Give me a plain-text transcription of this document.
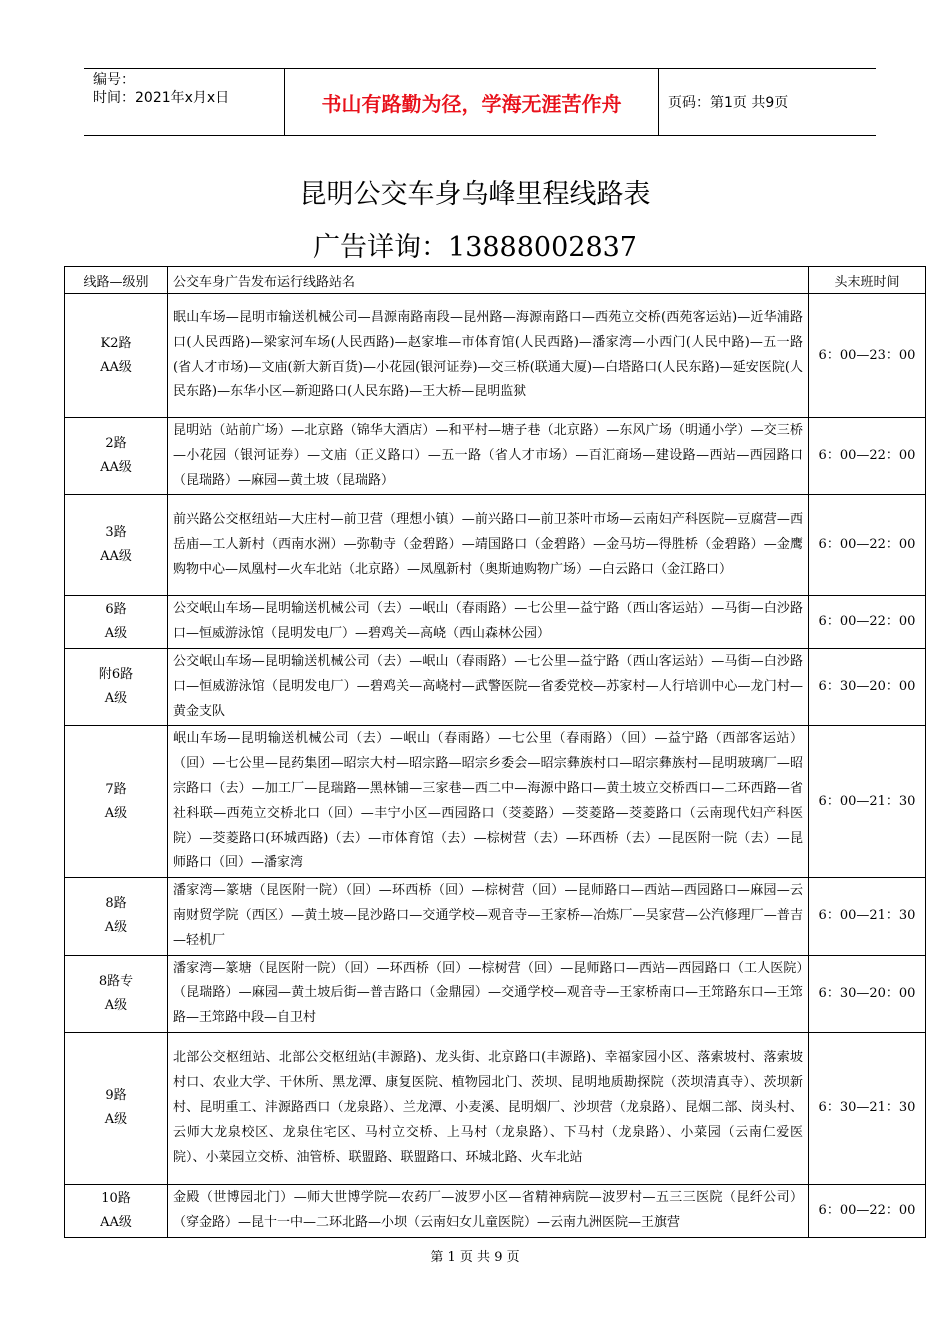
编号：
时间：2021年x月x日	书山有路勤为径，学海无涯苦作舟	页码：第1页 共9页
昆明公交车身乌峰里程线路表
广告详询：13888002837
线路—级别	公交车身广告发布运行线路站名	头末班时间

K2路
AA级	眠山车场—昆明市输送机械公司—昌源南路南段—昆州路—海源南路口—西苑立交桥(西苑客运站)—近华浦路口(人民西路)—梁家河车场(人民西路)—赵家堆—市体育馆(人民西路)—潘家湾—小西门(人民中路)—五一路(省人才市场)—文庙(新大新百货)—小花园(银河证券)—交三桥(联通大厦)—白塔路口(人民东路)—延安医院(人民东路)—东华小区—新迎路口(人民东路)—王大桥—昆明监狱	6：00—23：00

2路
AA级	昆明站（站前广场）—北京路（锦华大酒店）—和平村—塘子巷（北京路）—东风广场（明通小学）—交三桥—小花园（银河证券）—文庙（正义路口）—五一路（省人才市场）—百汇商场—建设路—西站—西园路口（昆瑞路）—麻园—黄土坡（昆瑞路）	6：00—22：00

3路
AA级	前兴路公交枢纽站—大庄村—前卫营（理想小镇）—前兴路口—前卫茶叶市场—云南妇产科医院—豆腐营—西岳庙—工人新村（西南水洲）—弥勒寺（金碧路）—靖国路口（金碧路）—金马坊—得胜桥（金碧路）—金鹰购物中心—凤凰村—火车北站（北京路）—凤凰新村（奥斯迪购物广场）—白云路口（金江路口）	6：00—22：00

6路
A级	公交岷山车场—昆明输送机械公司（去）—岷山（春雨路）—七公里—益宁路（西山客运站）—马街—白沙路口—恒威游泳馆（昆明发电厂）—碧鸡关—高峣（西山森林公园）	6：00—22：00

附6路
A级	公交岷山车场—昆明输送机械公司（去）—岷山（春雨路）—七公里—益宁路（西山客运站）—马街—白沙路口—恒威游泳馆（昆明发电厂）—碧鸡关—高峣村—武警医院—省委党校—苏家村—人行培训中心—龙门村—黄金支队	6：30—20：00

7路
A级	岷山车场—昆明输送机械公司（去）—岷山（春雨路）—七公里（春雨路）（回）—益宁路（西部客运站）（回）—七公里—昆药集团—昭宗大村—昭宗路—昭宗乡委会—昭宗彝族村口—昭宗彝族村—昆明玻璃厂—昭宗路口（去）—加工厂—昆瑞路—黑林铺—三家巷—西二中—海源中路口—黄土坡立交桥西口—二环西路—省社科联—西苑立交桥北口（回）—丰宁小区—西园路口（茭菱路）—茭菱路—茭菱路口（云南现代妇产科医院）—茭菱路口(环城西路)（去）—市体育馆（去）—棕树营（去）—环西桥（去）—昆医附一院（去）—昆师路口（回）—潘家湾	6：00—21：30

8路
A级	潘家湾—篆塘（昆医附一院）（回）—环西桥（回）—棕树营（回）—昆师路口—西站—西园路口—麻园—云南财贸学院（西区）—黄土坡—昆沙路口—交通学校—观音寺—王家桥—冶炼厂—吴家营—公汽修理厂—普吉—轻机厂	6：00—21：30

8路专
A级	潘家湾—篆塘（昆医附一院）（回）—环西桥（回）—棕树营（回）—昆师路口—西站—西园路口（工人医院）（昆瑞路）—麻园—黄土坡后街—普吉路口（金鼎园）—交通学校—观音寺—王家桥南口—王筇路东口—王筇路—王筇路中段—自卫村	6：30—20：00

9路
A级	北部公交枢纽站、北部公交枢纽站(丰源路)、龙头街、北京路口(丰源路)、幸福家园小区、落索坡村、落索坡村口、农业大学、干休所、黑龙潭、康复医院、植物园北门、茨坝、昆明地质勘探院（茨坝清真寺）、茨坝新村、昆明重工、沣源路西口（龙泉路）、兰龙潭、小麦溪、昆明烟厂、沙坝营（龙泉路）、昆烟二部、岗头村、云师大龙泉校区、龙泉住宅区、马村立交桥、上马村（龙泉路）、下马村（龙泉路）、小菜园（云南仁爱医院）、小菜园立交桥、油管桥、联盟路、联盟路口、环城北路、火车北站	6：30—21：30

10路
AA级	金殿（世博园北门）—师大世博学院—农药厂—波罗小区—省精神病院—波罗村—五三三医院（昆纤公司）（穿金路）—昆十一中—二环北路—小坝（云南妇女儿童医院）—云南九洲医院—王旗营	6：00—22：00
第 1 页 共 9 页
